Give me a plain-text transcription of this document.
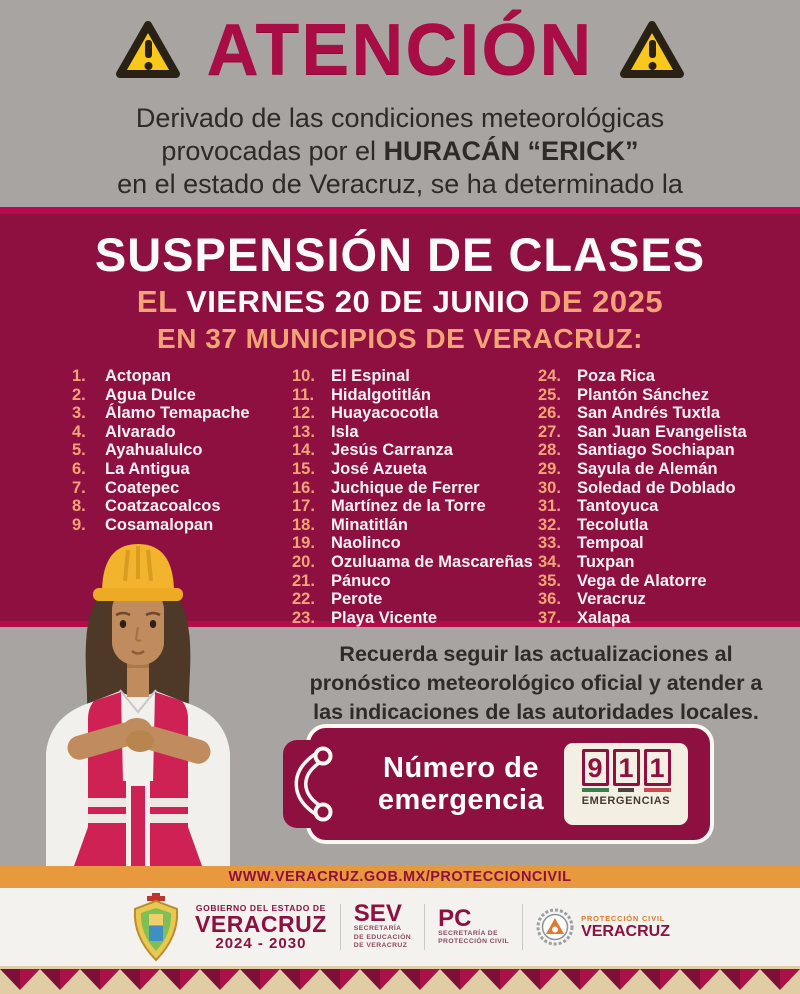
ATENCIÓN
Derivado de las condiciones meteorológicas
provocadas por el HURACÁN “ERICK”
en el estado de Veracruz, se ha determinado la
SUSPENSIÓN DE CLASES
EL VIERNES 20 DE JUNIO DE 2025
EN 37 MUNICIPIOS DE VERACRUZ:
1.	Actopan
2.	Agua Dulce
3.	Álamo Temapache
4.	Alvarado
5.	Ayahualulco
6.	La Antigua
7.	Coatepec
8.	Coatzacoalcos
9.	Cosamalopan
10. El Espinal
11.	Hidalgotitlán
12. Huayacocotla
13. Isla
14. Jesús Carranza
15. José Azueta
16. Juchique de Ferrer
17. Martínez de la Torre
18. Minatitlán
19. Naolinco
20. Ozuluama de Mascareñas
21. Pánuco
22. Perote
23. Playa Vicente
24. Poza Rica
25. Plantón Sánchez
26. San Andrés Tuxtla
27. San Juan Evangelista
28. Santiago Sochiapan
29. Sayula de Alemán
30. Soledad de Doblado
31. Tantoyuca
32. Tecolutla
33. Tempoal
34. Tuxpan
35. Vega de Alatorre
36. Veracruz
37. Xalapa
Recuerda seguir las actualizaciones al
pronóstico meteorológico oficial y atender a
las indicaciones de las autoridades locales.
Número de
emergencia
9 1 1
EMERGENCIAS
WWW.VERACRUZ.GOB.MX/PROTECCIONCIVIL
GOBIERNO DEL ESTADO DE
VERACRUZ
2024 - 2030
SEV
SECRETARÍA
DE EDUCACIÓN
DE VERACRUZ
PC
SECRETARÍA DE
PROTECCIÓN CIVIL
PROTECCIÓN CIVIL
VERACRUZ
